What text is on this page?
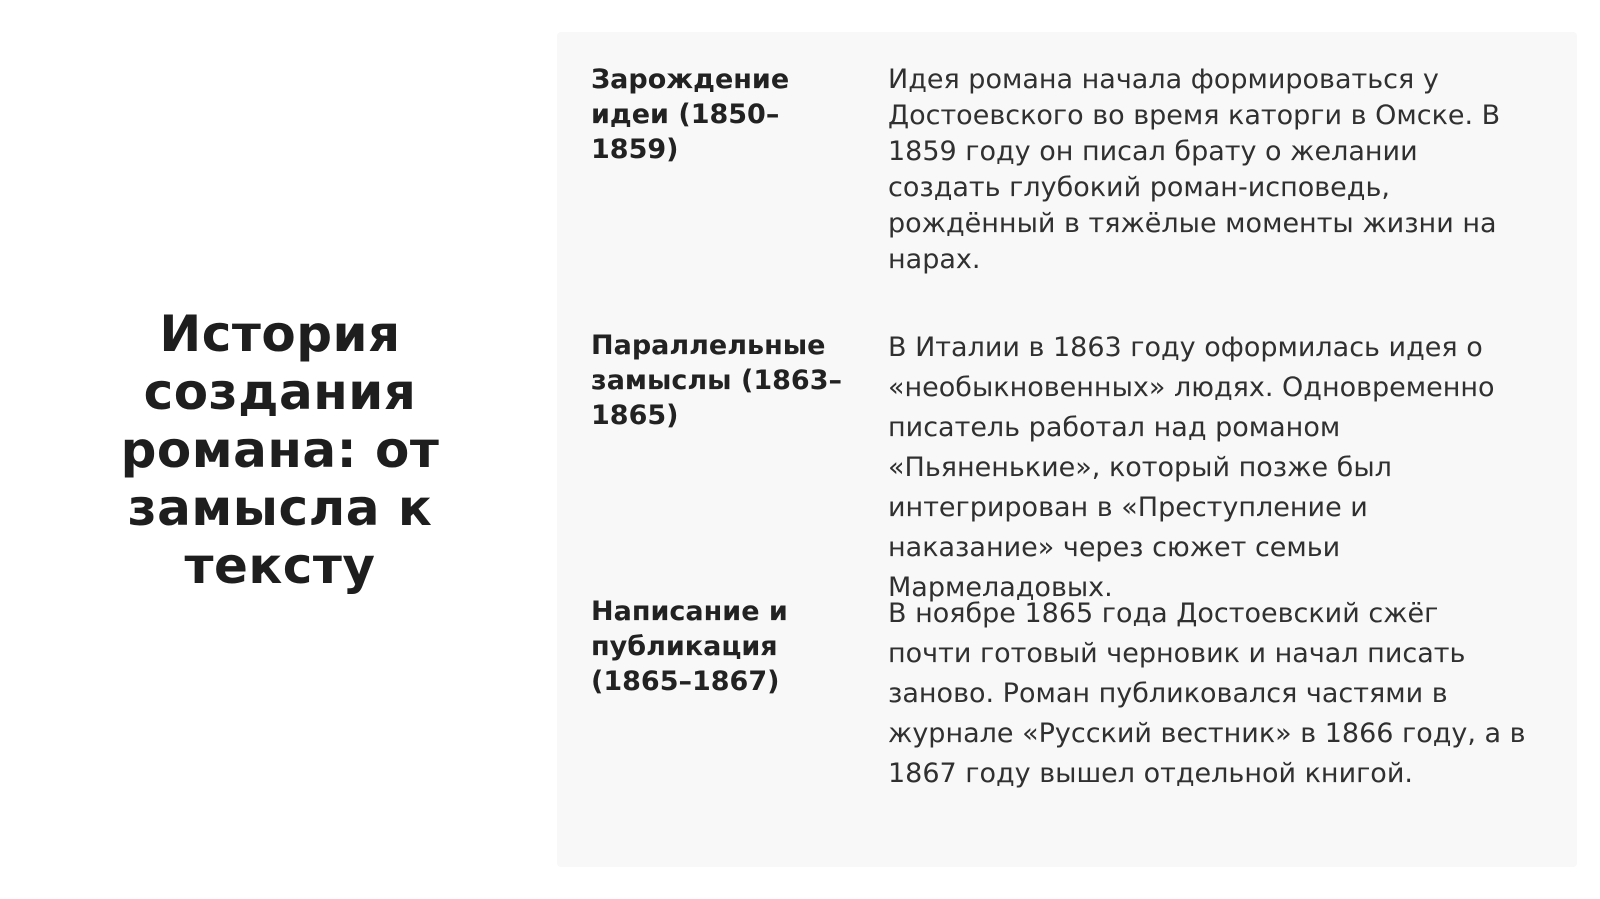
История создания романа: от замысла к тексту
Зарождение идеи (1850–1859)

Идея романа начала формироваться у Достоевского во время каторги в Омске. В 1859 году он писал брату о желании создать глубокий роман-исповедь, рождённый в тяжёлые моменты жизни на нарах.

Параллельные замыслы (1863–1865)

В Италии в 1863 году оформилась идея о «необыкновенных» людях. Одновременно писатель работал над романом «Пьяненькие», который позже был интегрирован в «Преступление и наказание» через сюжет семьи Мармеладовых.

Написание и публикация (1865–1867)

В ноябре 1865 года Достоевский сжёг почти готовый черновик и начал писать заново. Роман публиковался частями в журнале «Русский вестник» в 1866 году, а в 1867 году вышел отдельной книгой.
